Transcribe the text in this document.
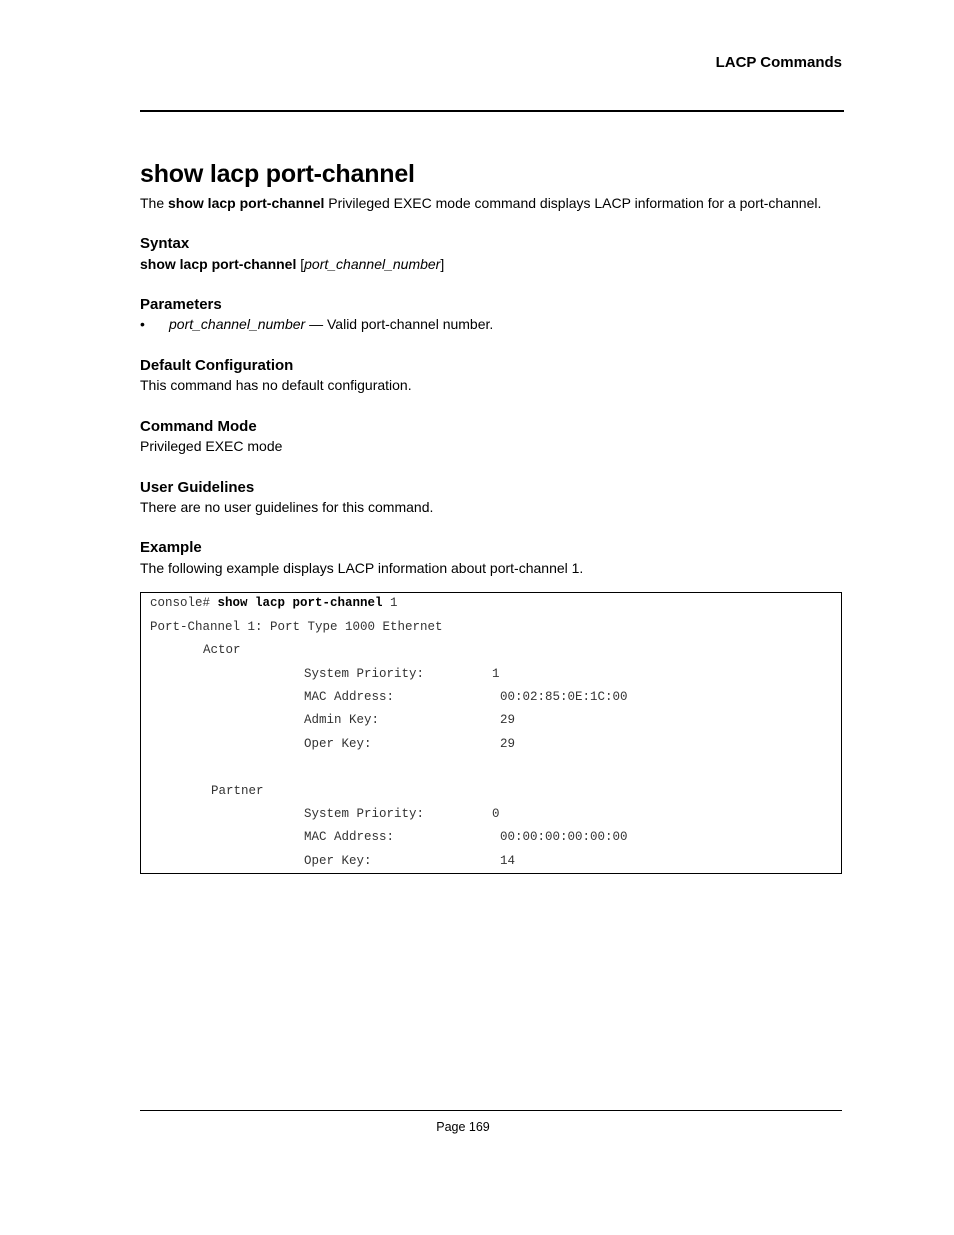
LACP Commands
show lacp port-channel
The show lacp port-channel Privileged EXEC mode command displays LACP information for a port-channel.
Syntax
show lacp port-channel [port_channel_number]
Parameters
• port_channel_number — Valid port-channel number.
Default Configuration
This command has no default configuration.
Command Mode
Privileged EXEC mode
User Guidelines
There are no user guidelines for this command.
Example
The following example displays LACP information about port-channel 1.
console# show lacp port-channel 1
Port-Channel 1: Port Type 1000 Ethernet
Actor
System Priority:	1
MAC Address:	00:02:85:0E:1C:00
Admin Key:	29
Oper Key:	29
Partner
System Priority:	0
MAC Address:	00:00:00:00:00:00
Oper Key:	14
Page 169
